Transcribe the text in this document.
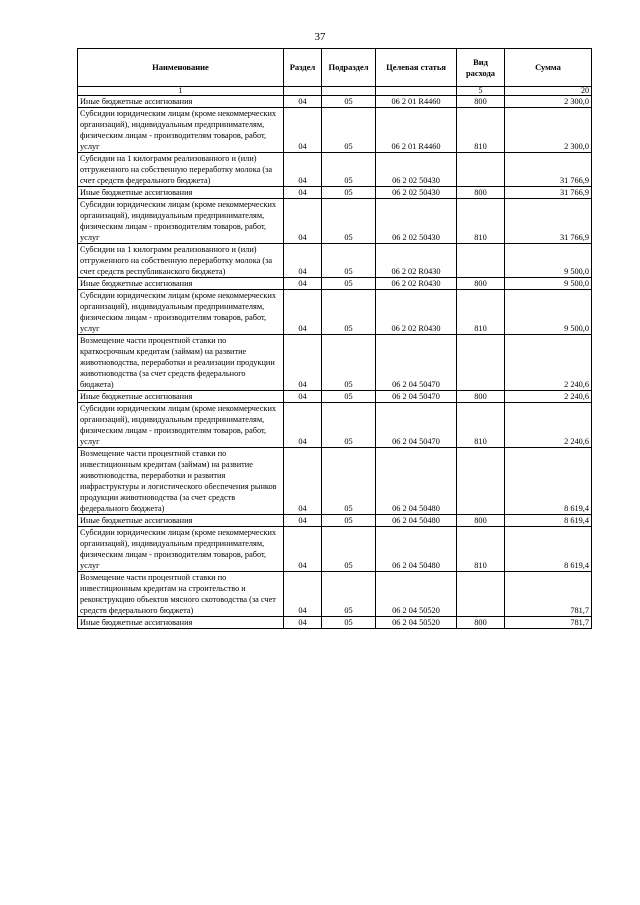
37
Наименование	Раздел	Подраздел	Целевая статья	Вид расхода	Сумма
1				5	20
Иные бюджетные ассигнования	04	05	06 2 01 R4460	800	2 300,0
Субсидии юридическим лицам (кроме некоммерческих организаций), индивидуальным предпринимателям, физическим лицам - производителям товаров, работ, услуг	04	05	06 2 01 R4460	810	2 300,0
Субсидии на 1 килограмм реализованного и (или) отгруженного на собственную переработку молока (за счет средств федерального бюджета)	04	05	06 2 02 50430		31 766,9
Иные бюджетные ассигнования	04	05	06 2 02 50430	800	31 766,9
Субсидии юридическим лицам (кроме некоммерческих организаций), индивидуальным предпринимателям, физическим лицам - производителям товаров, работ, услуг	04	05	06 2 02 50430	810	31 766,9
Субсидии на 1 килограмм реализованного и (или) отгруженного на собственную переработку молока (за счет средств республиканского бюджета)	04	05	06 2 02 R0430		9 500,0
Иные бюджетные ассигнования	04	05	06 2 02 R0430	800	9 500,0
Субсидии юридическим лицам (кроме некоммерческих организаций), индивидуальным предпринимателям, физическим лицам - производителям товаров, работ, услуг	04	05	06 2 02 R0430	810	9 500,0
Возмещение части процентной ставки по краткосрочным кредитам (займам) на развитие животноводства, переработки и реализации продукции животноводства (за счет средств федерального бюджета)	04	05	06 2 04 50470		2 240,6
Иные бюджетные ассигнования	04	05	06 2 04 50470	800	2 240,6
Субсидии юридическим лицам (кроме некоммерческих организаций), индивидуальным предпринимателям, физическим лицам - производителям товаров, работ, услуг	04	05	06 2 04 50470	810	2 240,6
Возмещение части процентной ставки по инвестиционным кредитам (займам) на развитие животноводства, переработки и развития инфраструктуры и логистического обеспечения рынков продукции животноводства (за счет средств федерального бюджета)	04	05	06 2 04 50480		8 619,4
Иные бюджетные ассигнования	04	05	06 2 04 50480	800	8 619,4
Субсидии юридическим лицам (кроме некоммерческих организаций), индивидуальным предпринимателям, физическим лицам - производителям товаров, работ, услуг	04	05	06 2 04 50480	810	8 619,4
Возмещение части процентной ставки по инвестиционным кредитам на строительство и реконструкцию объектов мясного скотоводства (за счет средств федерального бюджета)	04	05	06 2 04 50520		781,7
Иные бюджетные ассигнования	04	05	06 2 04 50520	800	781,7
